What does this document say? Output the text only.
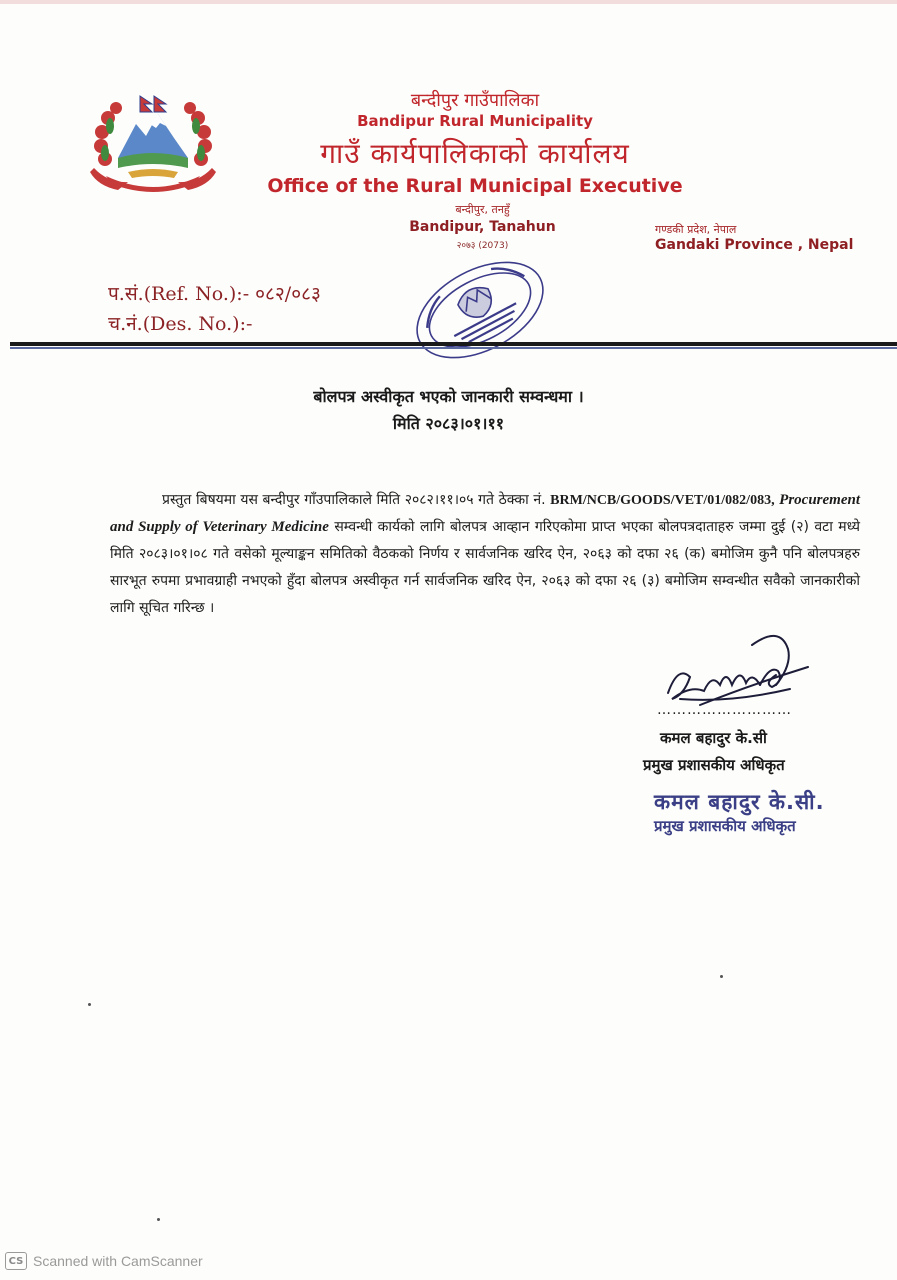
बन्दीपुर गाउँपालिका
Bandipur Rural Municipality
गाउँ कार्यपालिकाको कार्यालय
Office of the Rural Municipal Executive
बन्दीपुर, तनहुँ
Bandipur, Tanahun
२०७३ (2073)
गण्डकी प्रदेश, नेपाल
Gandaki Province , Nepal
प.सं.(Ref. No.):- ०८२/०८३
च.नं.(Des. No.):-
बोलपत्र अस्वीकृत भएको जानकारी सम्वन्धमा ।
मिति २०८३।०१।११

प्रस्तुत बिषयमा यस बन्दीपुर गाँउपालिकाले मिति २०८२।११।०५ गते ठेक्का नं. BRM/NCB/GOODS/VET/01/082/083, Procurement and Supply of Veterinary Medicine सम्वन्धी कार्यको लागि बोलपत्र आव्हान गरिएकोमा प्राप्त भएका बोलपत्रदाताहरु जम्मा दुई (२) वटा मध्ये मिति २०८३।०१।०८ गते वसेको मूल्याङ्कन समितिको वैठकको निर्णय र सार्वजनिक खरिद ऐन, २०६३ को दफा २६ (क) बमोजिम कुनै पनि बोलपत्रहरु सारभूत रुपमा प्रभावग्राही नभएको हुँदा बोलपत्र अस्वीकृत गर्न सार्वजनिक खरिद ऐन, २०६३ को दफा २६ (३) बमोजिम सम्वन्धीत सवैको जानकारीको लागि सूचित गरिन्छ ।

………………………
कमल बहादुर के.सी
प्रमुख प्रशासकीय अधिकृत
कमल बहादुर के.सी.
प्रमुख प्रशासकीय अधिकृत
CS Scanned with CamScanner
